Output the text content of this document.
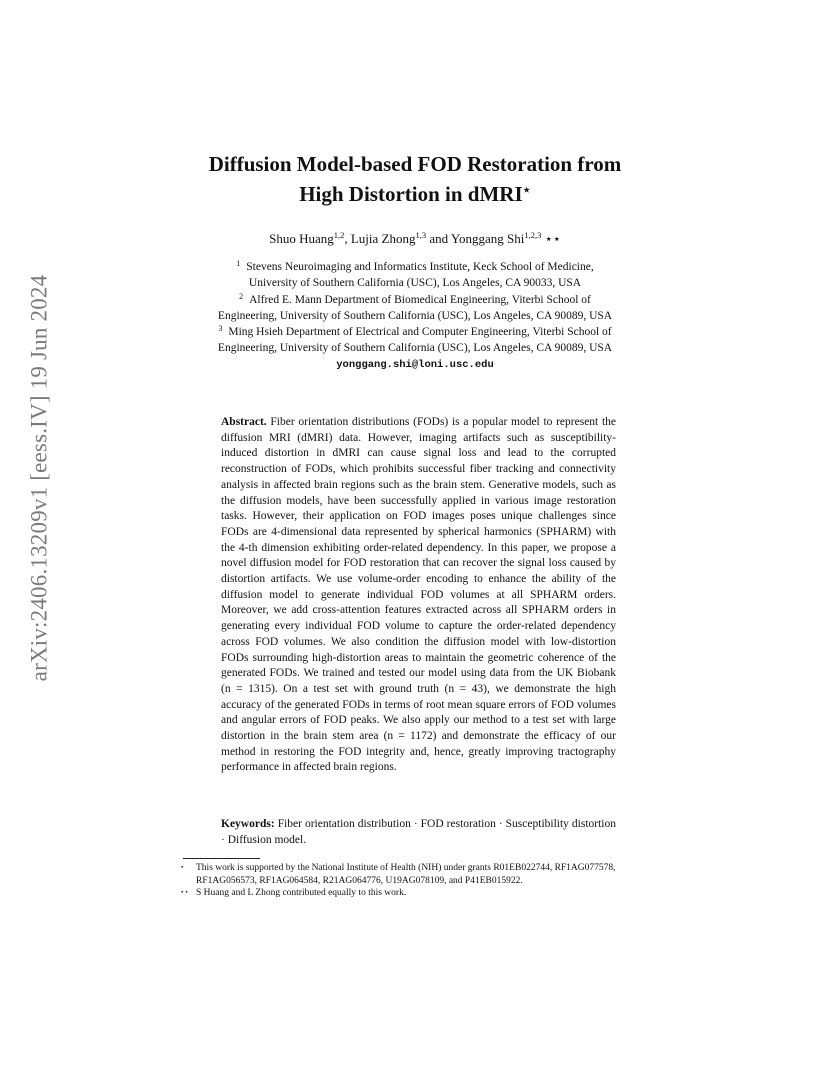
arXiv:2406.13209v1 [eess.IV] 19 Jun 2024
Diffusion Model-based FOD Restoration from
High Distortion in dMRI⋆
Shuo Huang$^{1,2}$, Lujia Zhong$^{1,3}$ and Yonggang Shi$^{1,2,3}$ ⋆⋆
$^1$ Stevens Neuroimaging and Informatics Institute, Keck School of Medicine,
University of Southern California (USC), Los Angeles, CA 90033, USA
$^2$ Alfred E. Mann Department of Biomedical Engineering, Viterbi School of
Engineering, University of Southern California (USC), Los Angeles, CA 90089, USA
$^3$ Ming Hsieh Department of Electrical and Computer Engineering, Viterbi School of
Engineering, University of Southern California (USC), Los Angeles, CA 90089, USA
yonggang.shi@loni.usc.edu

Abstract. Fiber orientation distributions (FODs) is a popular model to represent the diffusion MRI (dMRI) data. However, imaging artifacts such as susceptibility-induced distortion in dMRI can cause signal loss and lead to the corrupted reconstruction of FODs, which prohibits successful fiber tracking and connectivity analysis in affected brain regions such as the brain stem. Generative models, such as the diffusion models, have been successfully applied in various image restoration tasks. However, their application on FOD images poses unique challenges since FODs are 4-dimensional data represented by spherical harmonics (SPHARM) with the 4-th dimension exhibiting order-related dependency. In this paper, we propose a novel diffusion model for FOD restoration that can recover the signal loss caused by distortion artifacts. We use volume-order encoding to enhance the ability of the diffusion model to generate individual FOD volumes at all SPHARM orders. Moreover, we add cross-attention features extracted across all SPHARM orders in generating every individual FOD volume to capture the order-related dependency across FOD volumes. We also condition the diffusion model with low-distortion FODs surrounding high-distortion areas to maintain the geometric coherence of the generated FODs. We trained and tested our model using data from the UK Biobank (n = 1315). On a test set with ground truth (n = 43), we demonstrate the high accuracy of the generated FODs in terms of root mean square errors of FOD volumes and angular errors of FOD peaks. We also apply our method to a test set with large distortion in the brain stem area (n = 1172) and demonstrate the efficacy of our method in restoring the FOD integrity and, hence, greatly improving tractography performance in affected brain regions.

Keywords: Fiber orientation distribution · FOD restoration · Susceptibility distortion · Diffusion model.

⋆ This work is supported by the National Institute of Health (NIH) under grants R01EB022744, RF1AG077578, RF1AG056573, RF1AG064584, R21AG064776, U19AG078109, and P41EB015922.
⋆⋆ S Huang and L Zhong contributed equally to this work.
